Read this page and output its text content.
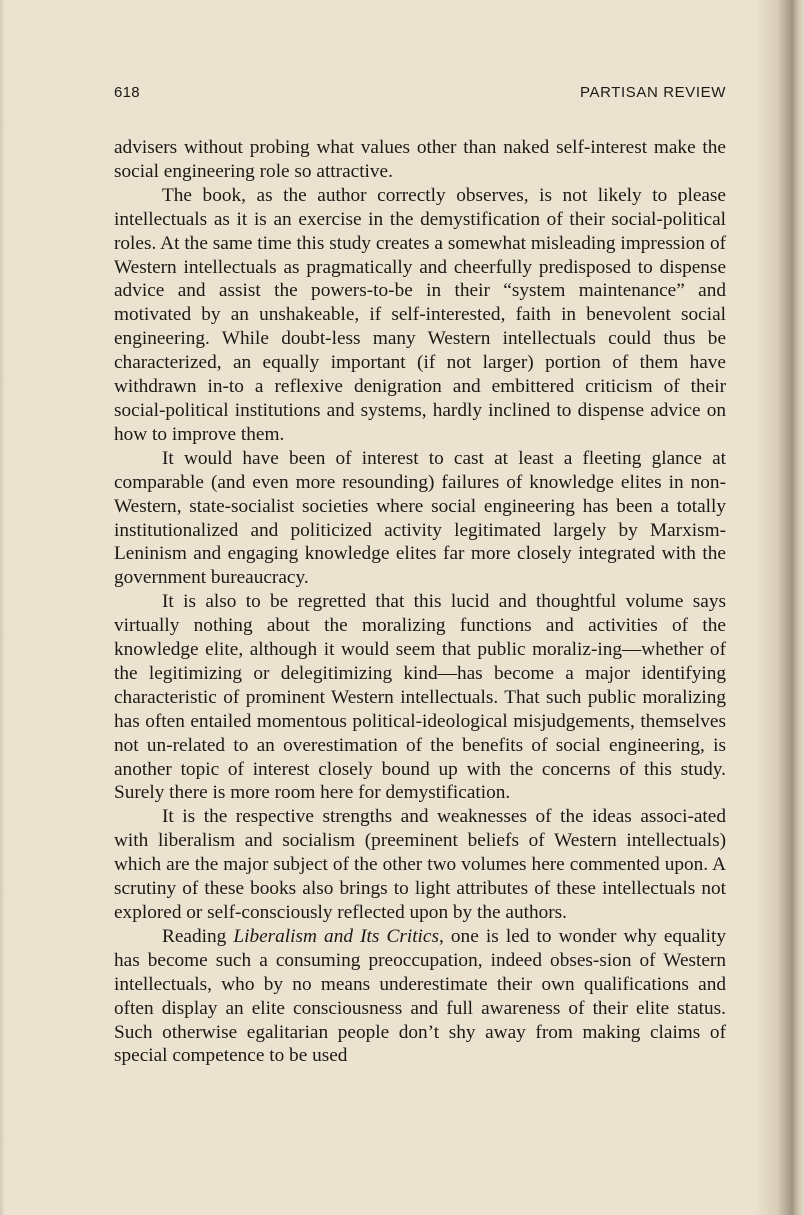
618	PARTISAN REVIEW

advisers without probing what values other than naked self-interest make the social engineering role so attractive.

The book, as the author correctly observes, is not likely to please intellectuals as it is an exercise in the demystification of their social-political roles. At the same time this study creates a somewhat misleading impression of Western intellectuals as pragmatically and cheerfully predisposed to dispense advice and assist the powers-to-be in their “system maintenance” and motivated by an unshakeable, if self-interested, faith in benevolent social engineering. While doubt-less many Western intellectuals could thus be characterized, an equally important (if not larger) portion of them have withdrawn in-to a reflexive denigration and embittered criticism of their social-political institutions and systems, hardly inclined to dispense advice on how to improve them.

It would have been of interest to cast at least a fleeting glance at comparable (and even more resounding) failures of knowledge elites in non-Western, state-socialist societies where social engineering has been a totally institutionalized and politicized activity legitimated largely by Marxism-Leninism and engaging knowledge elites far more closely integrated with the government bureaucracy.

It is also to be regretted that this lucid and thoughtful volume says virtually nothing about the moralizing functions and activities of the knowledge elite, although it would seem that public moraliz-ing—whether of the legitimizing or delegitimizing kind—has become a major identifying characteristic of prominent Western intellectuals. That such public moralizing has often entailed momentous political-ideological misjudgements, themselves not un-related to an overestimation of the benefits of social engineering, is another topic of interest closely bound up with the concerns of this study. Surely there is more room here for demystification.

It is the respective strengths and weaknesses of the ideas associ-ated with liberalism and socialism (preeminent beliefs of Western intellectuals) which are the major subject of the other two volumes here commented upon. A scrutiny of these books also brings to light attributes of these intellectuals not explored or self-consciously reflected upon by the authors.

Reading Liberalism and Its Critics, one is led to wonder why equality has become such a consuming preoccupation, indeed obses-sion of Western intellectuals, who by no means underestimate their own qualifications and often display an elite consciousness and full awareness of their elite status. Such otherwise egalitarian people don’t shy away from making claims of special competence to be used
